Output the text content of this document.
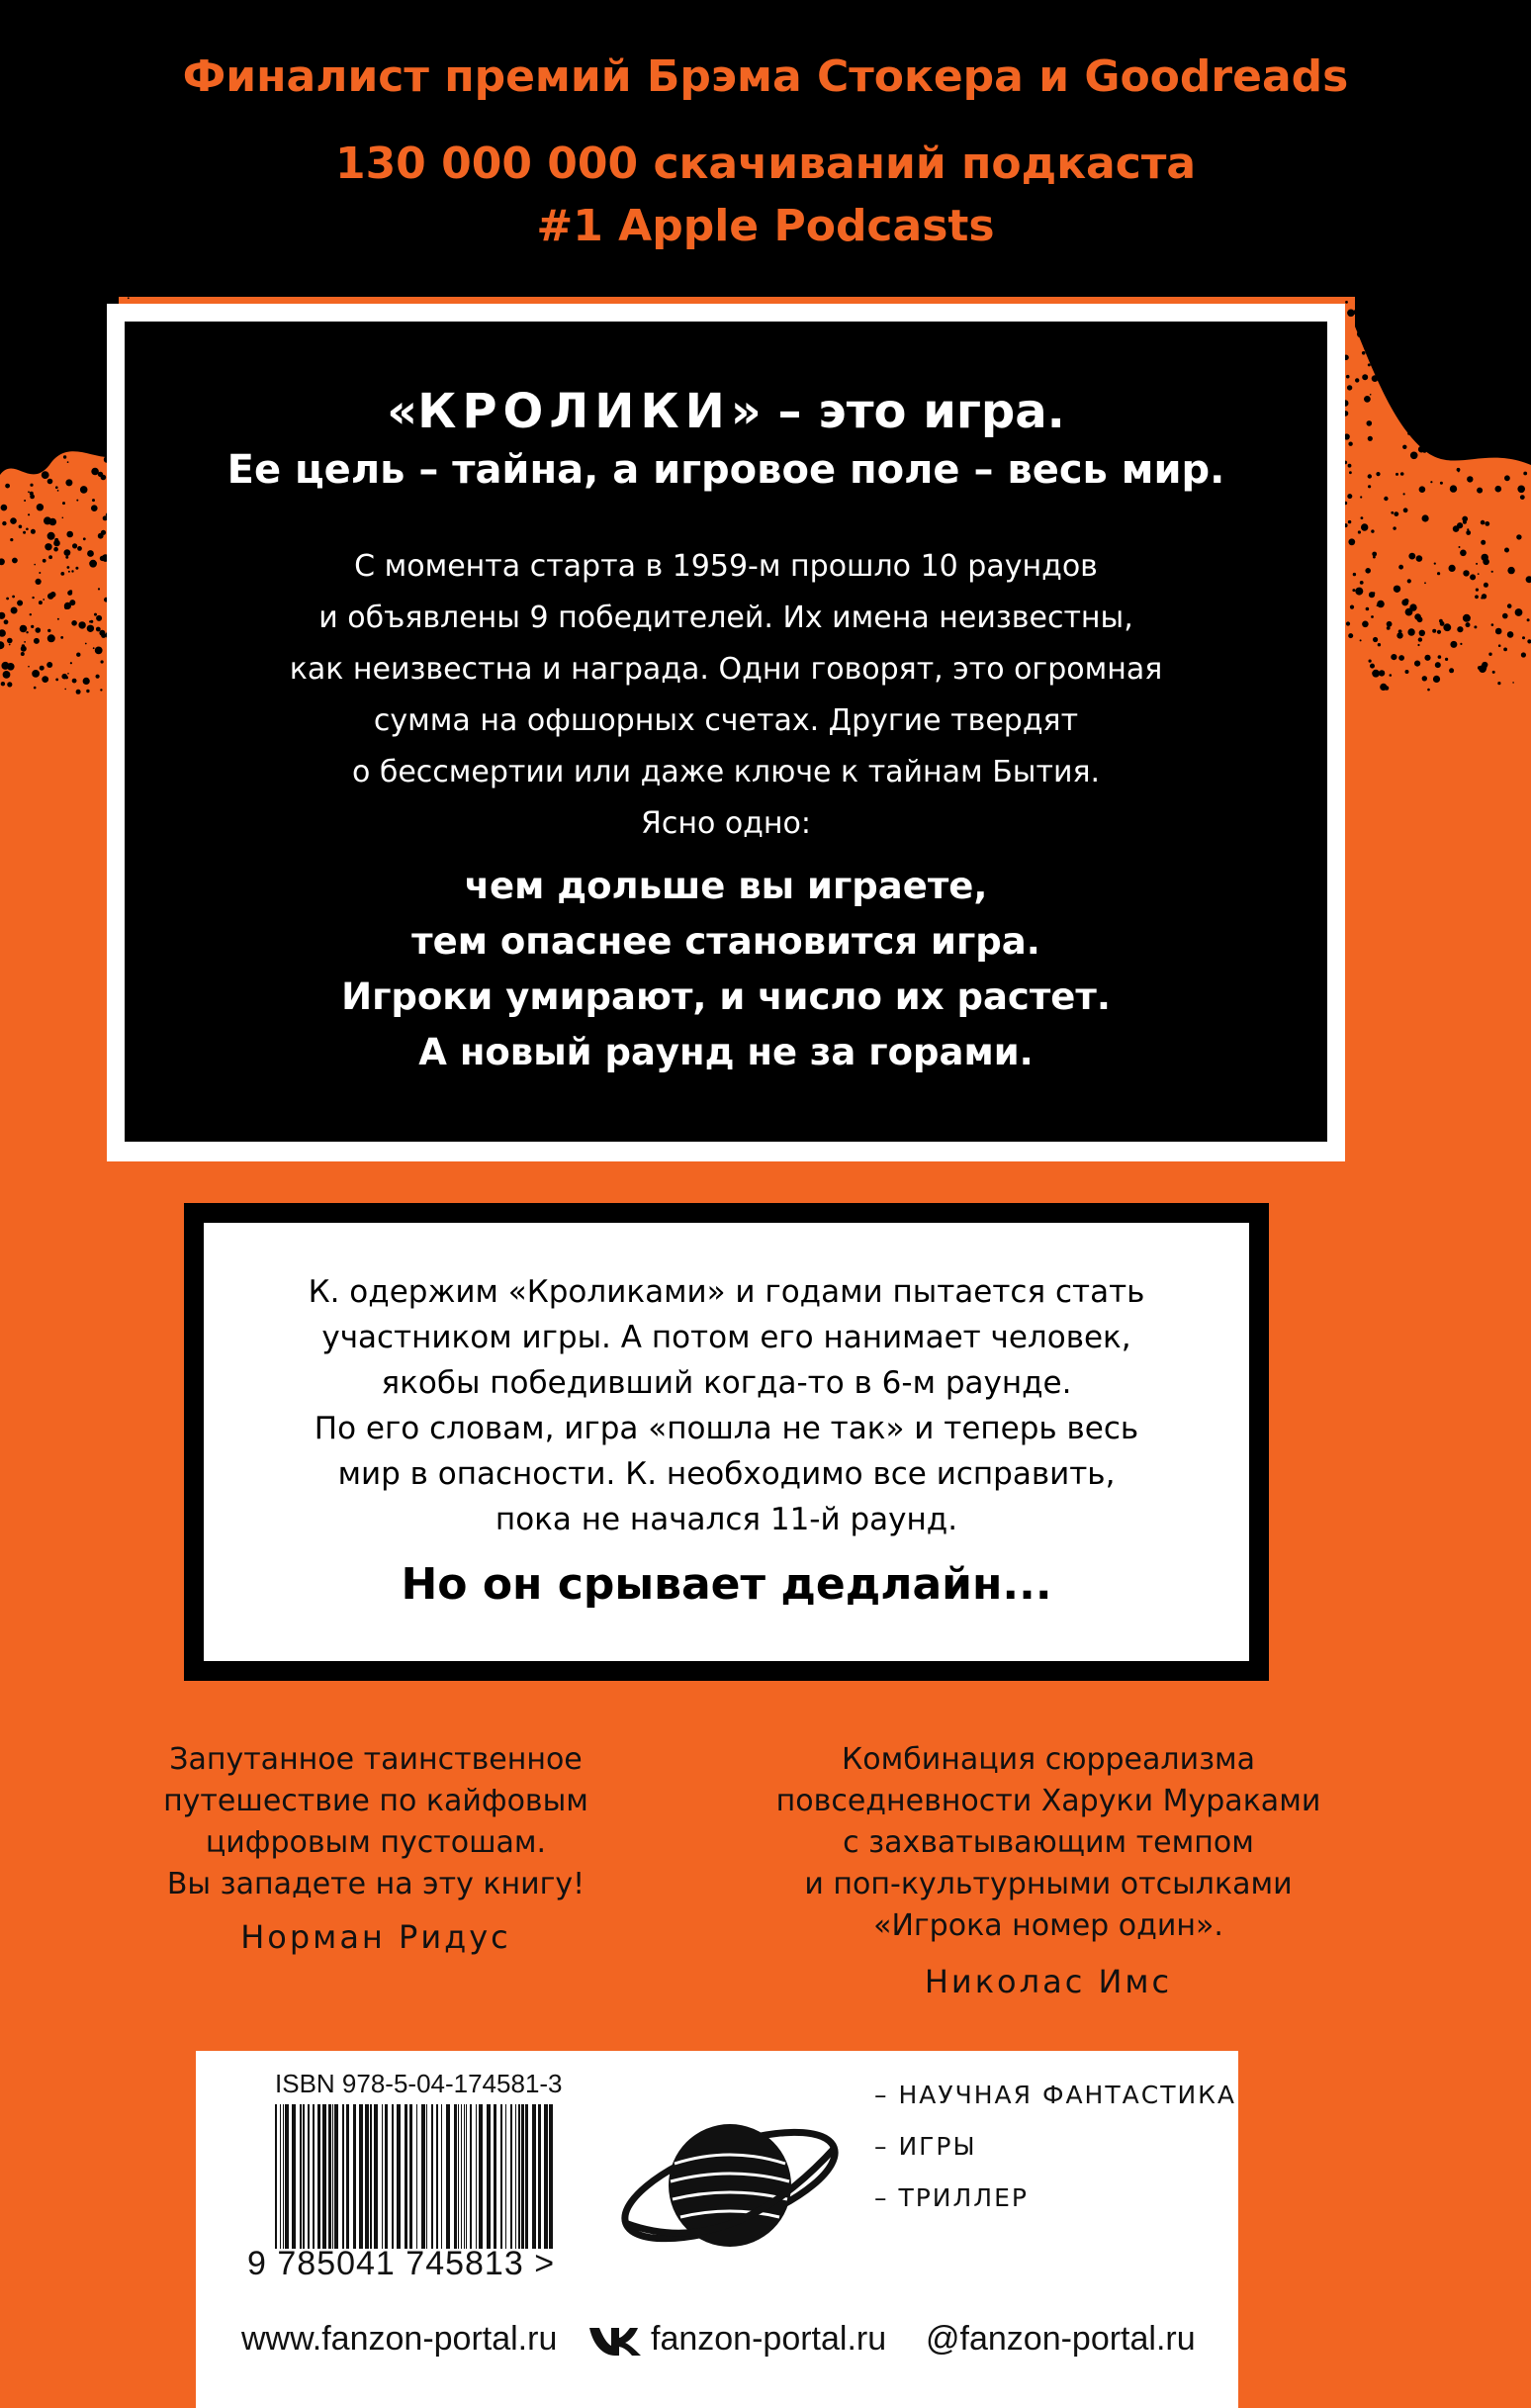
Финалист премий Брэма Стокера и Goodreads
130 000 000 скачиваний подкаста
#1 Apple Podcasts
«КРОЛИКИ» – это игра.
Ее цель – тайна, а игровое поле – весь мир.
С момента старта в 1959-м прошло 10 раундов
и объявлены 9 победителей. Их имена неизвестны,
как неизвестна и награда. Одни говорят, это огромная
сумма на офшорных счетах. Другие твердят
о бессмертии или даже ключе к тайнам Бытия.
Ясно одно:
чем дольше вы играете,
тем опаснее становится игра.
Игроки умирают, и число их растет.
А новый раунд не за горами.
К. одержим «Кроликами» и годами пытается стать
участником игры. А потом его нанимает человек,
якобы победивший когда-то в 6-м раунде.
По его словам, игра «пошла не так» и теперь весь
мир в опасности. К. необходимо все исправить,
пока не начался 11-й раунд.
Но он срывает дедлайн...
Запутанное таинственное
путешествие по кайфовым
цифровым пустошам.
Вы западете на эту книгу!
Норман Ридус
Комбинация сюрреализма
повседневности Харуки Мураками
с захватывающим темпом
и поп-культурными отсылками
«Игрока номер один».
Николас Имс
ISBN 978-5-04-174581-3
9 785041 745813 >
– НАУЧНАЯ ФАНТАСТИКА
– ИГРЫ
– ТРИЛЛЕР
www.fanzon-portal.ru	fanzon-portal.ru @fanzon-portal.ru
